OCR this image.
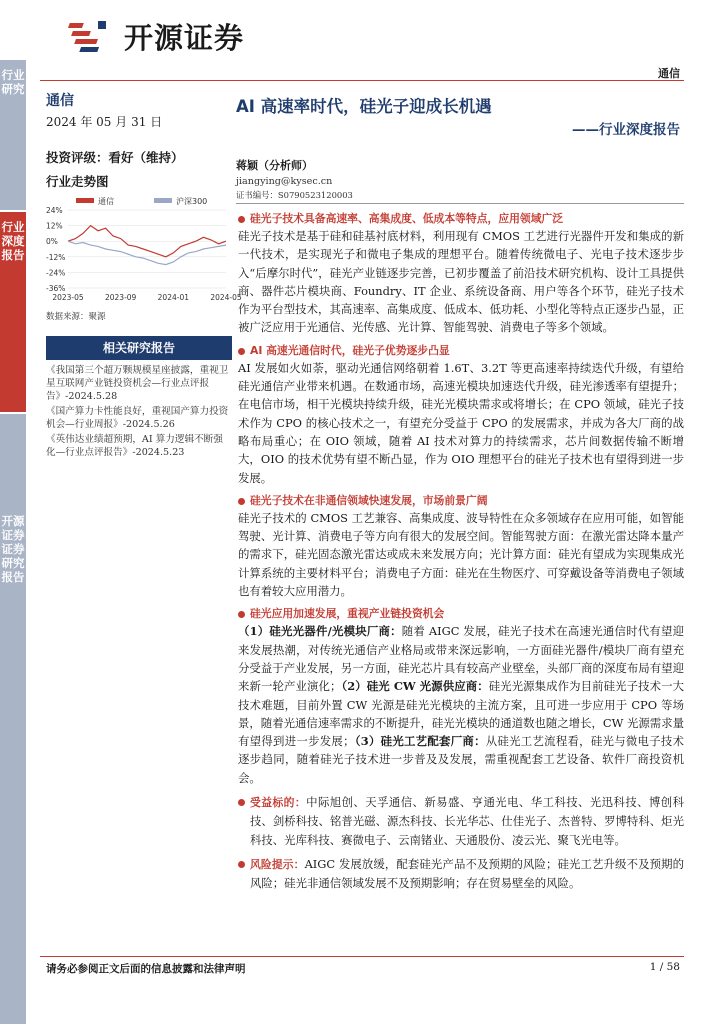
行业研究
行业深度报告
开源证券 证券研究报告
开源证券
通信
通信
2024 年 05 月 31 日
投资评级：看好（维持）
行业走势图
通信	沪深300
24%
12%
0%
-12%
-24%
-36%
2023-05	2023-09	2024-01	2024-05
数据来源：聚源
相关研究报告
《我国第三个超万颗规模星座披露，重视卫星互联网产业链投资机会—行业点评报告》-2024.5.28
《国产算力卡性能良好，重视国产算力投资机会—行业周报》-2024.5.26
《英伟达业绩超预期，AI 算力逻辑不断强化—行业点评报告》-2024.5.23
AI 高速率时代，硅光子迎成长机遇
——行业深度报告
蒋颖（分析师）
jiangying@kysec.cn
证书编号：S0790523120003
硅光子技术具备高速率、高集成度、低成本等特点，应用领域广泛
硅光子技术是基于硅和硅基衬底材料，利用现有 CMOS 工艺进行光器件开发和集成的新一代技术，是实现光子和微电子集成的理想平台。随着传统微电子、光电子技术逐步步入“后摩尔时代”，硅光产业链逐步完善，已初步覆盖了前沿技术研究机构、设计工具提供商、器件芯片模块商、Foundry、IT 企业、系统设备商、用户等各个环节，硅光子技术作为平台型技术，其高速率、高集成度、低成本、低功耗、小型化等特点正逐步凸显，正被广泛应用于光通信、光传感、光计算、智能驾驶、消费电子等多个领域。
AI 高速光通信时代，硅光子优势逐步凸显
AI 发展如火如荼，驱动光通信网络朝着 1.6T、3.2T 等更高速率持续迭代升级，有望给硅光通信产业带来机遇。在数通市场，高速光模块加速迭代升级，硅光渗透率有望提升；在电信市场，相干光模块持续升级，硅光光模块需求或将增长；在 CPO 领域，硅光子技术作为 CPO 的核心技术之一，有望充分受益于 CPO 的发展需求，并成为各大厂商的战略布局重心；在 OIO 领域，随着 AI 技术对算力的持续需求，芯片间数据传输不断增大，OIO 的技术优势有望不断凸显，作为 OIO 理想平台的硅光子技术也有望得到进一步发展。
硅光子技术在非通信领域快速发展，市场前景广阔
硅光子技术的 CMOS 工艺兼容、高集成度、波导特性在众多领域存在应用可能，如智能驾驶、光计算、消费电子等方向有很大的发展空间。智能驾驶方面：在激光雷达降本量产的需求下，硅光固态激光雷达或成未来发展方向；光计算方面：硅光有望成为实现集成光计算系统的主要材料平台；消费电子方面：硅光在生物医疗、可穿戴设备等消费电子领域也有着较大应用潜力。
硅光应用加速发展，重视产业链投资机会
（1）硅光光器件/光模块厂商：随着 AIGC 发展，硅光子技术在高速光通信时代有望迎来发展热潮，对传统光通信产业格局或带来深远影响，一方面硅光器件/模块厂商有望充分受益于产业发展，另一方面，硅光芯片具有较高产业壁垒，头部厂商的深度布局有望迎来新一轮产业演化；（2）硅光 CW 光源供应商：硅光光源集成作为目前硅光子技术一大技术难题，目前外置 CW 光源是硅光光模块的主流方案，且可进一步应用于 CPO 等场景，随着光通信速率需求的不断提升，硅光光模块的通道数也随之增长，CW 光源需求量有望得到进一步发展；（3）硅光工艺配套厂商：从硅光工艺流程看，硅光与微电子技术逐步趋同，随着硅光子技术进一步普及及发展，需重视配套工艺设备、软件厂商投资机会。
受益标的：中际旭创、天孚通信、新易盛、亨通光电、华工科技、光迅科技、博创科技、剑桥科技、铭普光磁、源杰科技、长光华芯、仕佳光子、杰普特、罗博特科、炬光科技、光库科技、赛微电子、云南锗业、天通股份、凌云光、聚飞光电等。
风险提示：AIGC 发展放缓，配套硅光产品不及预期的风险；硅光工艺升级不及预期的风险；硅光非通信领域发展不及预期影响；存在贸易壁垒的风险。
请务必参阅正文后面的信息披露和法律声明	1 / 58
